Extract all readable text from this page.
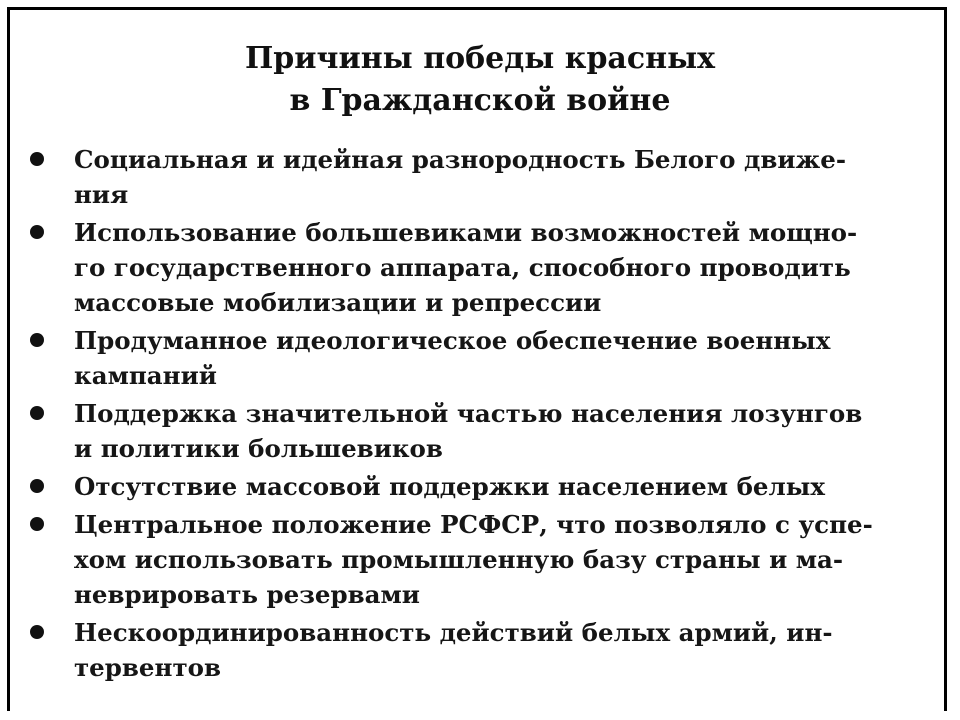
Причины победы красных
в Гражданской войне
Социальная и идейная разнородность Белого движе-
ния
Использование большевиками возможностей мощно-
го государственного аппарата, способного проводить
массовые мобилизации и репрессии
Продуманное идеологическое обеспечение военных
кампаний
Поддержка значительной частью населения лозунгов
и политики большевиков
Отсутствие массовой поддержки населением белых
Центральное положение РСФСР, что позволяло с успе-
хом использовать промышленную базу страны и ма-
неврировать резервами
Нескоординированность действий белых армий, ин-
тервентов
